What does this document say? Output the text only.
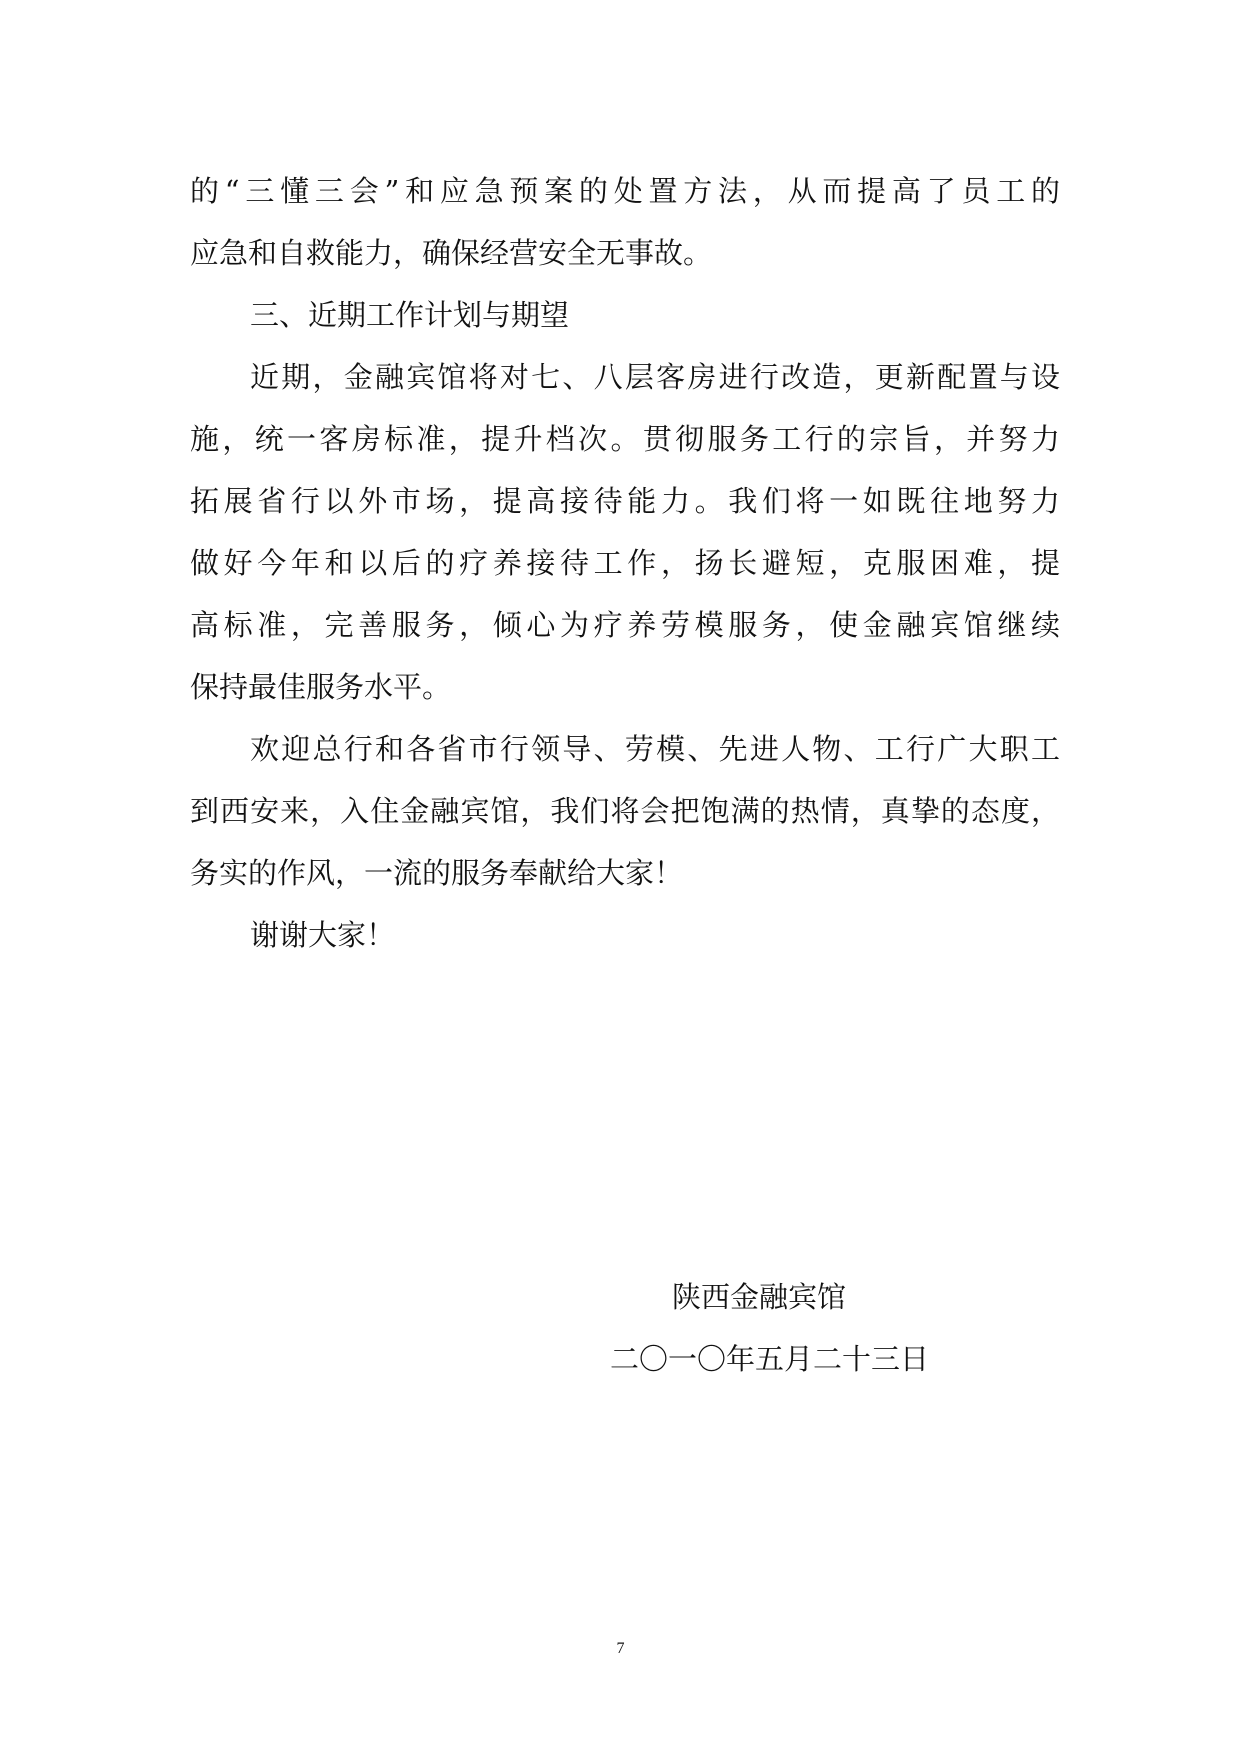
的“三懂三会”和应急预案的处置方法，从而提高了员工的
应急和自救能力，确保经营安全无事故。
三、近期工作计划与期望
近期，金融宾馆将对七、八层客房进行改造，更新配置与设
施，统一客房标准，提升档次。贯彻服务工行的宗旨，并努力
拓展省行以外市场，提高接待能力。我们将一如既往地努力
做好今年和以后的疗养接待工作，扬长避短，克服困难，提
高标准，完善服务，倾心为疗养劳模服务，使金融宾馆继续
保持最佳服务水平。
欢迎总行和各省市行领导、劳模、先进人物、工行广大职工
到西安来，入住金融宾馆，我们将会把饱满的热情，真挚的态度，
务实的作风，一流的服务奉献给大家！
谢谢大家！
陕西金融宾馆
二〇一〇年五月二十三日
7
